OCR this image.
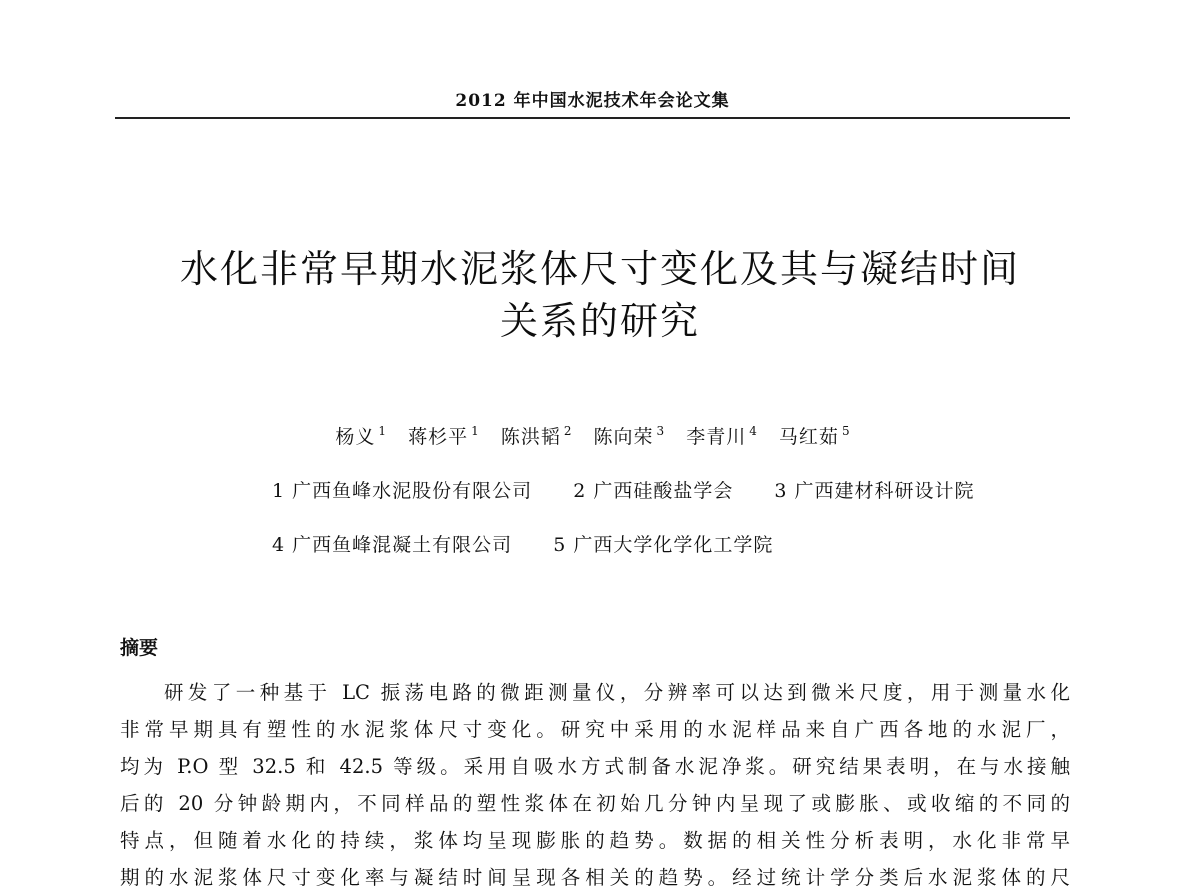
2012 年中国水泥技术年会论文集
水化非常早期水泥浆体尺寸变化及其与凝结时间
关系的研究
杨义 $^1$ 蒋杉平 $^1$ 陈洪韬 $^2$ 陈向荣 $^3$ 李青川 $^4$ 马红茹 $^5$
1 广西鱼峰水泥股份有限公司 2 广西硅酸盐学会 3 广西建材科研设计院
4 广西鱼峰混凝土有限公司 5 广西大学化学化工学院
摘要
研发了一种基于 LC 振荡电路的微距测量仪，分辨率可以达到微米尺度，用于测量水化
非常早期具有塑性的水泥浆体尺寸变化。研究中采用的水泥样品来自广西各地的水泥厂，
均为 P.O 型 32.5 和 42.5 等级。采用自吸水方式制备水泥净浆。研究结果表明，在与水接触
后的 20 分钟龄期内，不同样品的塑性浆体在初始几分钟内呈现了或膨胀、或收缩的不同的
特点，但随着水化的持续，浆体均呈现膨胀的趋势。数据的相关性分析表明，水化非常早
期的水泥浆体尺寸变化率与凝结时间呈现各相关的趋势。经过统计学分类后水泥浆体的尺
